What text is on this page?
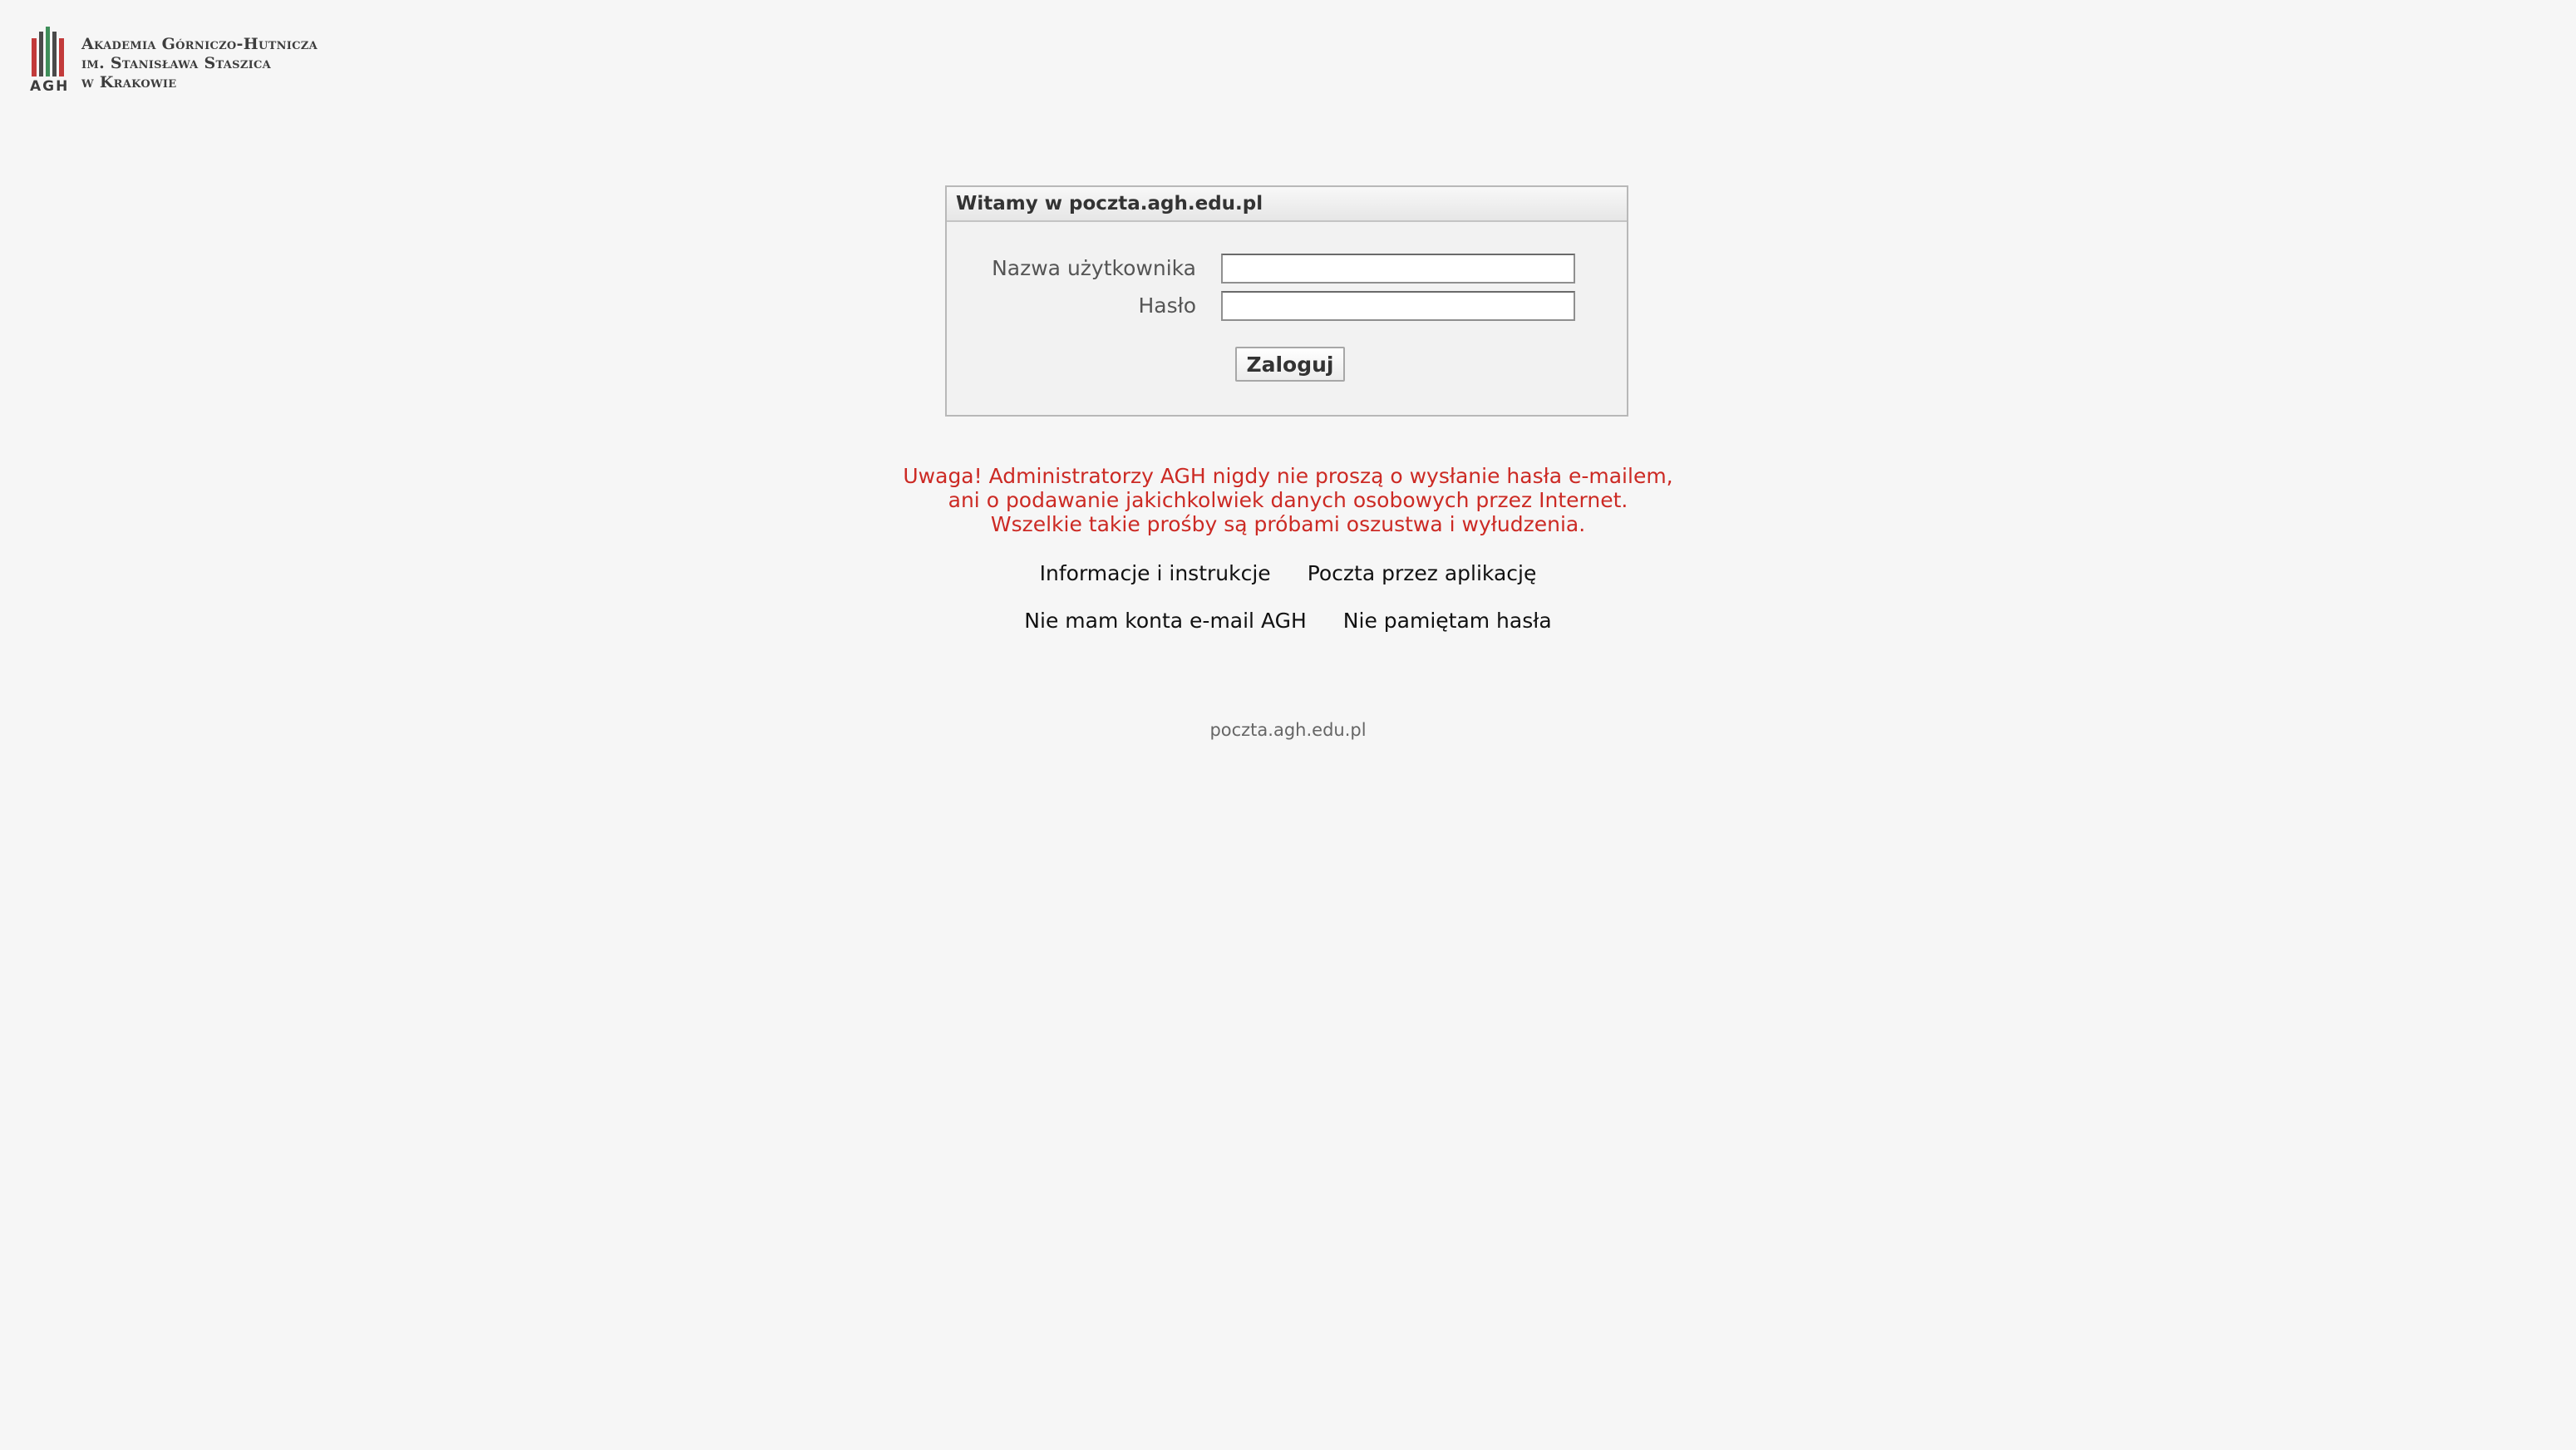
AGH
Akademia Górniczo-Hutnicza
im. Stanisława Staszica
w Krakowie
Witamy w poczta.agh.edu.pl
Nazwa użytkownika
Hasło
Zaloguj
Uwaga! Administratorzy AGH nigdy nie proszą o wysłanie hasła e-mailem,
ani o podawanie jakichkolwiek danych osobowych przez Internet.
Wszelkie takie prośby są próbami oszustwa i wyłudzenia.
Informacje i instrukcje Poczta przez aplikację
Nie mam konta e-mail AGH Nie pamiętam hasła
poczta.agh.edu.pl
